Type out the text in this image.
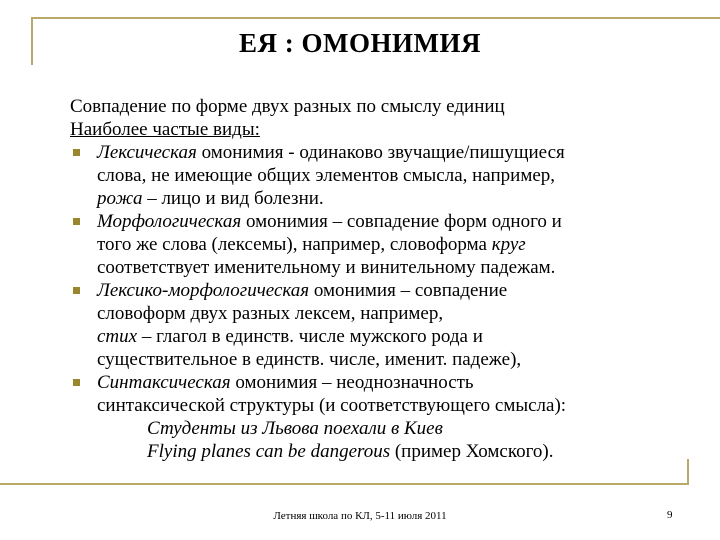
ЕЯ : ОМОНИМИЯ
Совпадение по форме двух разных по смыслу единиц
Наиболее частые виды:
Лексическая омонимия - одинаково звучащие/пишущиеся
слова, не имеющие общих элементов смысла, например,
рожа – лицо и вид болезни.
Морфологическая омонимия – совпадение форм одного и
того же слова (лексемы), например, словоформа круг
соответствует именительному и винительному падежам.
Лексико-морфологическая омонимия – совпадение
словоформ двух разных лексем, например,
стих – глагол в единств. числе мужского рода и
существительное в единств. числе, именит. падеже),
Синтаксическая омонимия – неоднозначность
синтаксической структуры (и соответствующего смысла):
Студенты из Львова поехали в Киев
Flying planes can be dangerous (пример Хомского).
Летняя школа по КЛ, 5-11 июля 2011	9
